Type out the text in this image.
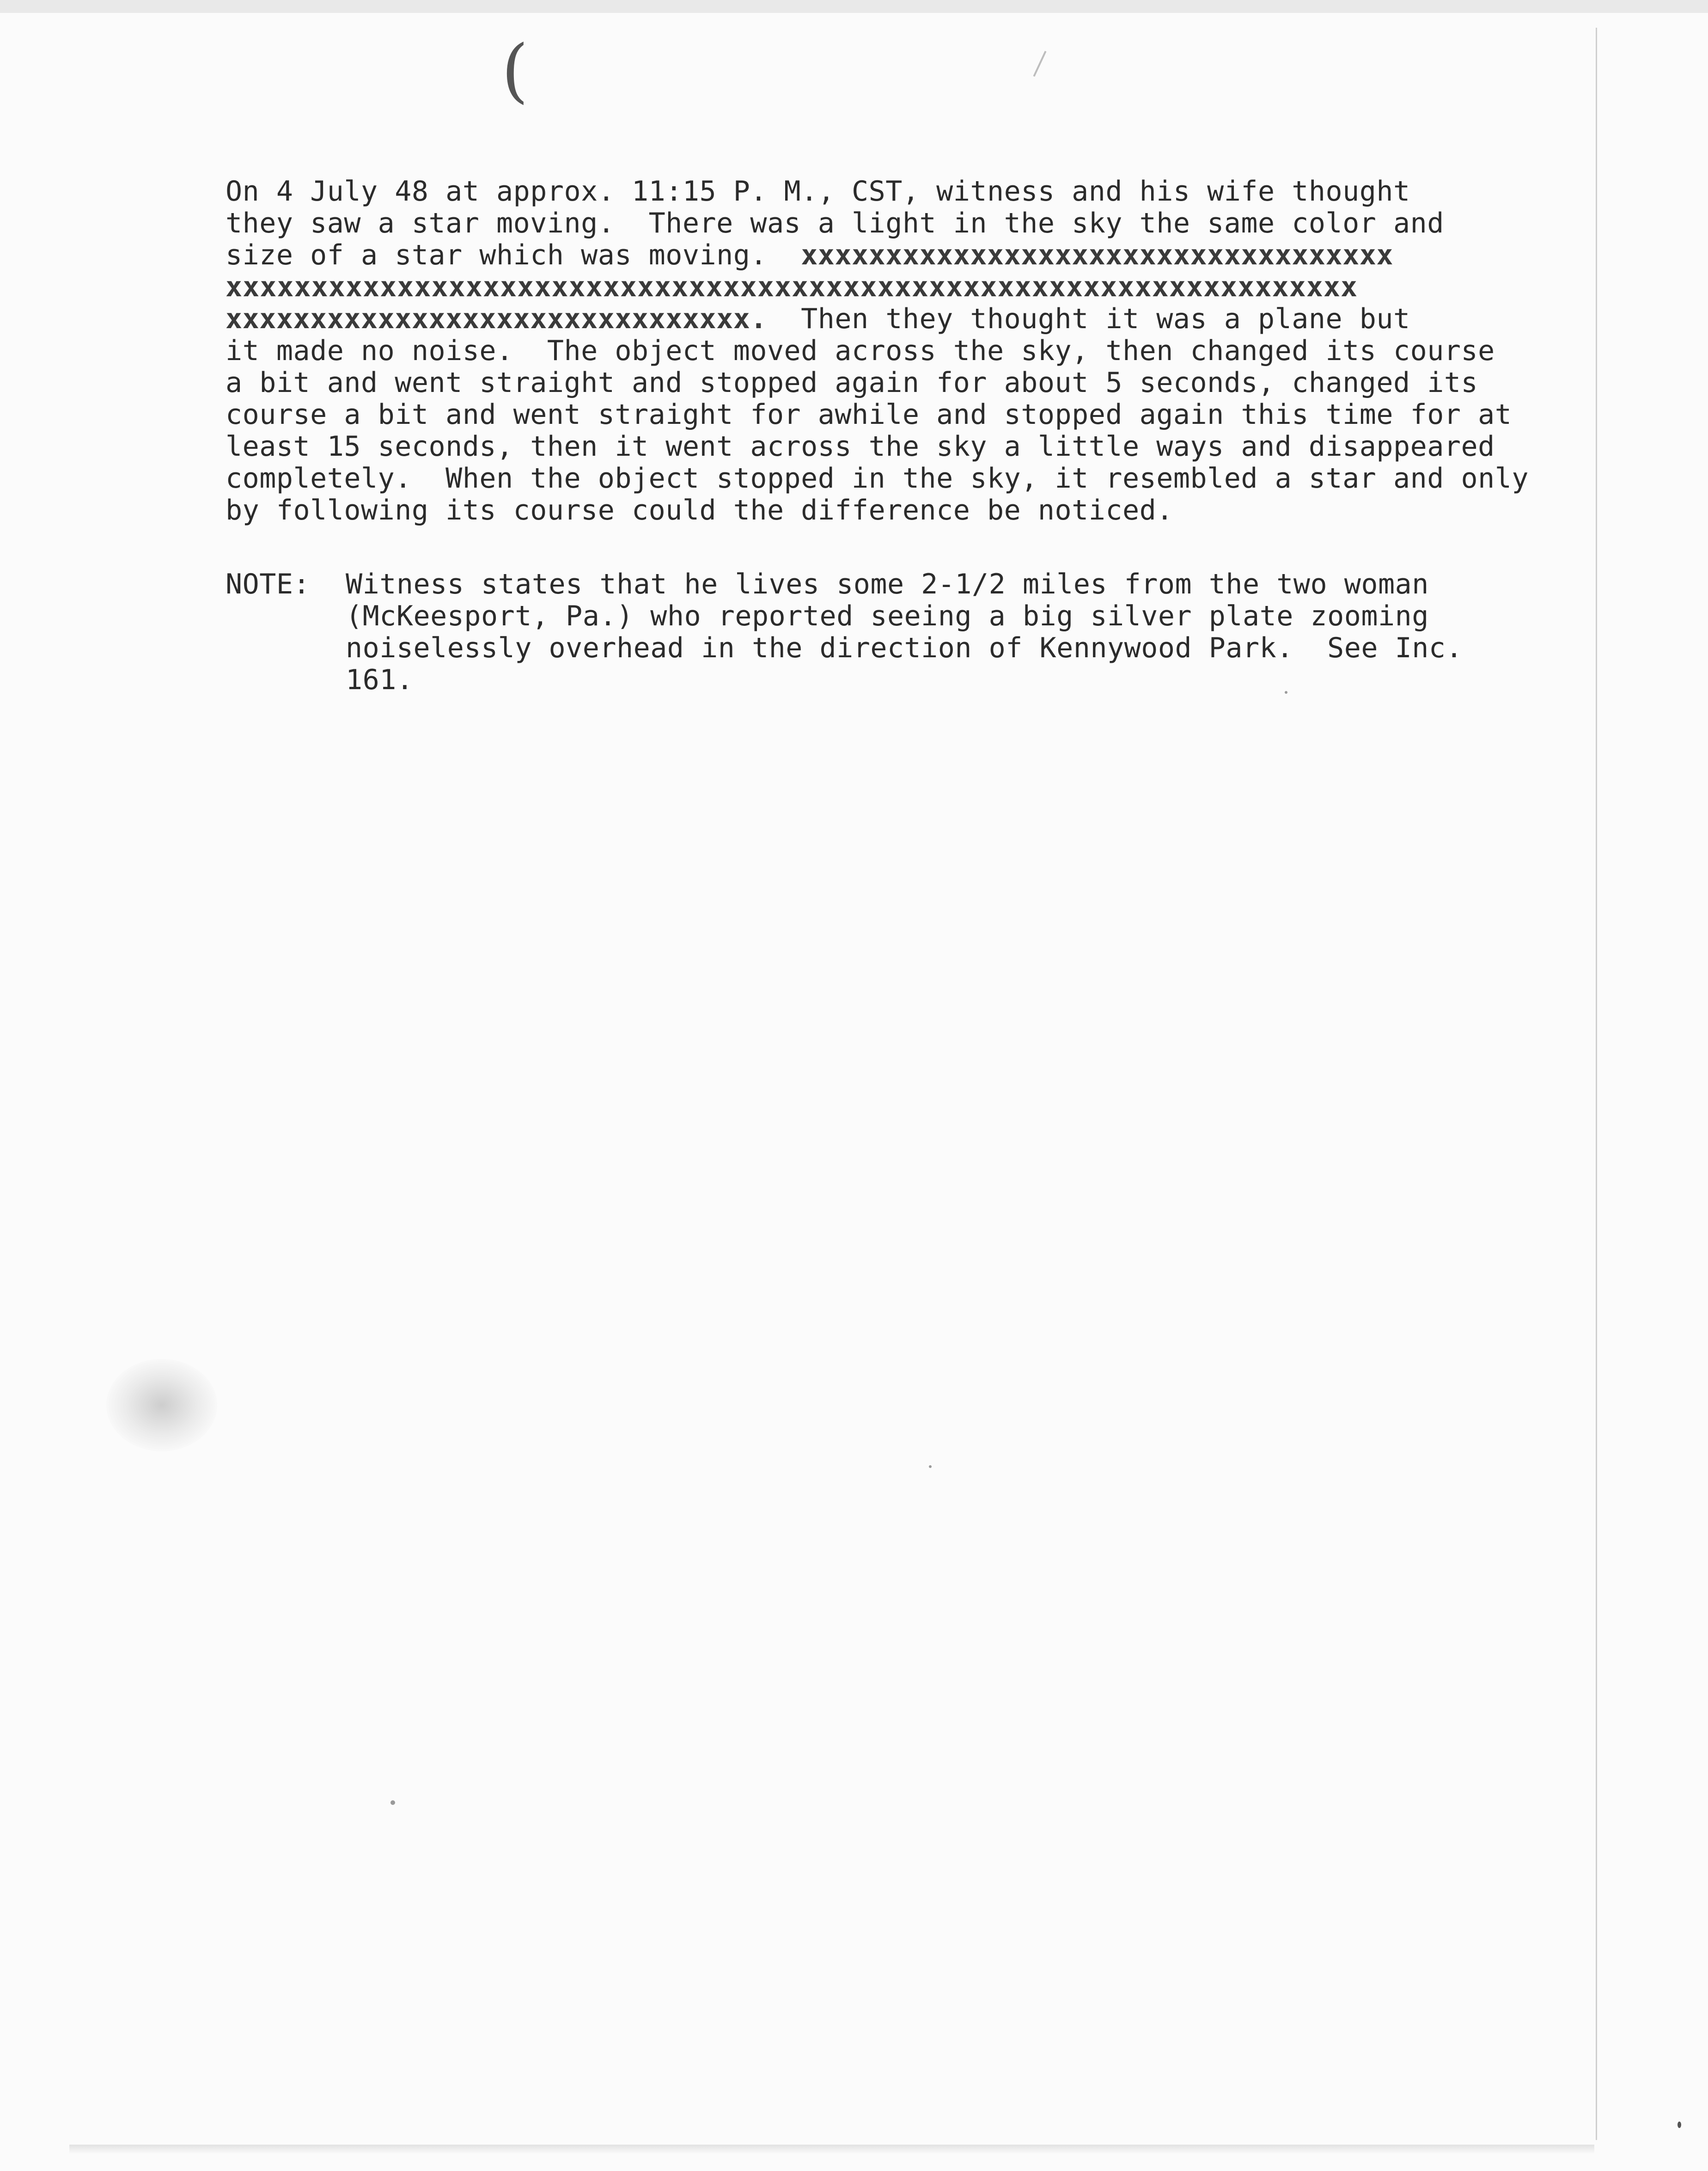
(
On 4 July 48 at approx. 11:15 P. M., CST, witness and his wife thought
they saw a star moving.  There was a light in the sky the same color and
size of a star which was moving.  xxxxxxxxxxxxxxxxxxxxxxxxxxxxxxxxxxx
xxxxxxxxxxxxxxxxxxxxxxxxxxxxxxxxxxxxxxxxxxxxxxxxxxxxxxxxxxxxxxxxxx
xxxxxxxxxxxxxxxxxxxxxxxxxxxxxxx.  Then they thought it was a plane but
it made no noise.  The object moved across the sky, then changed its course
a bit and went straight and stopped again for about 5 seconds, changed its
course a bit and went straight for awhile and stopped again this time for at
least 15 seconds, then it went across the sky a little ways and disappeared
completely.  When the object stopped in the sky, it resembled a star and only
by following its course could the difference be noticed.
NOTE: Witness states that he lives some 2-1/2 miles from the two woman
(McKeesport, Pa.) who reported seeing a big silver plate zooming
noiselessly overhead in the direction of Kennywood Park.  See Inc.
161.
